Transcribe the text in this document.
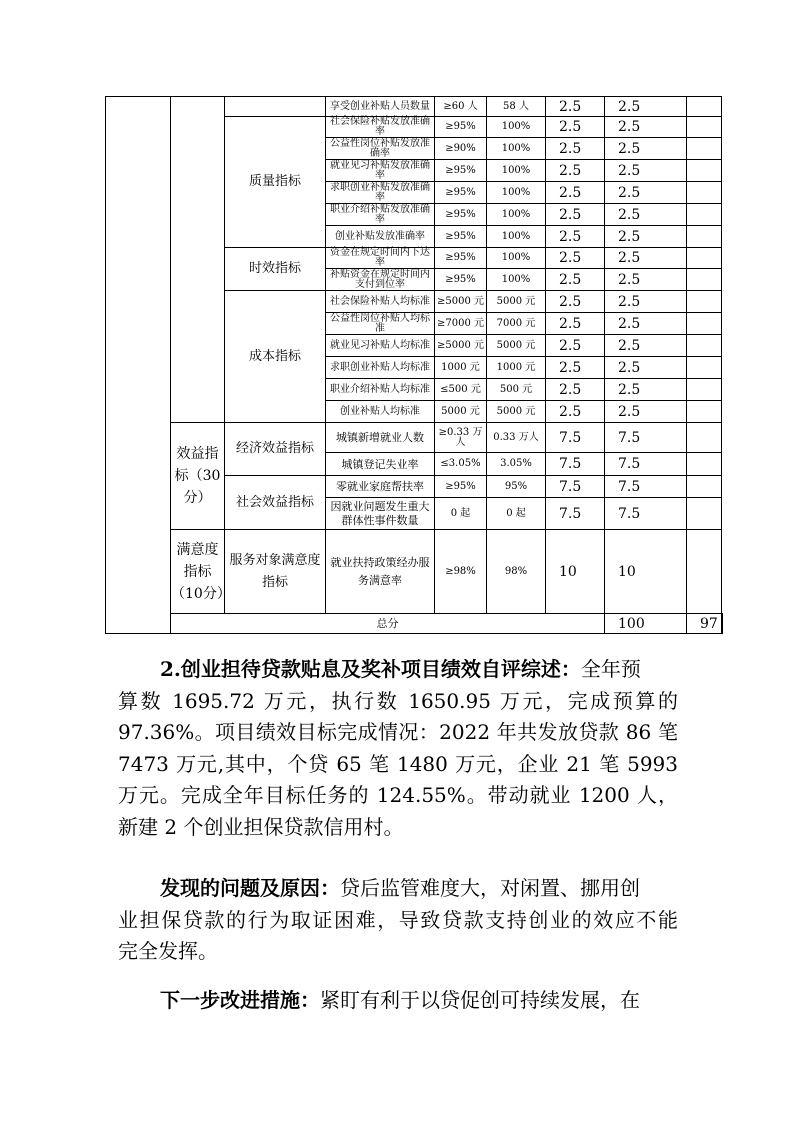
			享受创业补贴人员数量	≥60 人	58 人	2.5	2.5		
		质量指标	社会保险补贴发放准确率	≥95%	100%	2.5	2.5		
			公益性岗位补贴发放准确率	≥90%	100%	2.5	2.5		
			就业见习补贴发放准确率	≥95%	100%	2.5	2.5		
			求职创业补贴发放准确率	≥95%	100%	2.5	2.5		
			职业介绍补贴发放准确率	≥95%	100%	2.5	2.5		
			创业补贴发放准确率	≥95%	100%	2.5	2.5		
		时效指标	资金在规定时间内下达率	≥95%	100%	2.5	2.5		
			补贴资金在规定时间内支付到位率	≥95%	100%	2.5	2.5		
		成本指标	社会保险补贴人均标准	≥5000 元	5000 元	2.5	2.5		
			公益性岗位补贴人均标准	≥7000 元	7000 元	2.5	2.5		
			就业见习补贴人均标准	≥5000 元	5000 元	2.5	2.5		
			求职创业补贴人均标准	1000 元	1000 元	2.5	2.5		
			职业介绍补贴人均标准	≤500 元	500 元	2.5	2.5		
			创业补贴人均标准	5000 元	5000 元	2.5	2.5		
	效益指标（30分）	经济效益指标	城镇新增就业人数	≥0.33 万人	0.33 万人	7.5	7.5		
			城镇登记失业率	≤3.05%	3.05%	7.5	7.5		
		社会效益指标	零就业家庭帮扶率	≥95%	95%	7.5	7.5		
			因就业问题发生重大群体性事件数量	0 起	0 起	7.5	7.5		
	满意度指标（10分）	服务对象满意度指标	就业扶持政策经办服务满意率	≥98%	98%	10	10		
	总分						100	97	
2.创业担待贷款贴息及奖补项目绩效自评综述：全年预
算数 1695.72 万元，执行数 1650.95 万元，完成预算的
97.36%。项目绩效目标完成情况：2022 年共发放贷款 86 笔
7473 万元,其中，个贷 65 笔 1480 万元，企业 21 笔 5993
万元。完成全年目标任务的 124.55%。带动就业 1200 人，
新建 2 个创业担保贷款信用村。
发现的问题及原因：贷后监管难度大，对闲置、挪用创
业担保贷款的行为取证困难，导致贷款支持创业的效应不能
完全发挥。
下一步改进措施：紧盯有利于以贷促创可持续发展，在
